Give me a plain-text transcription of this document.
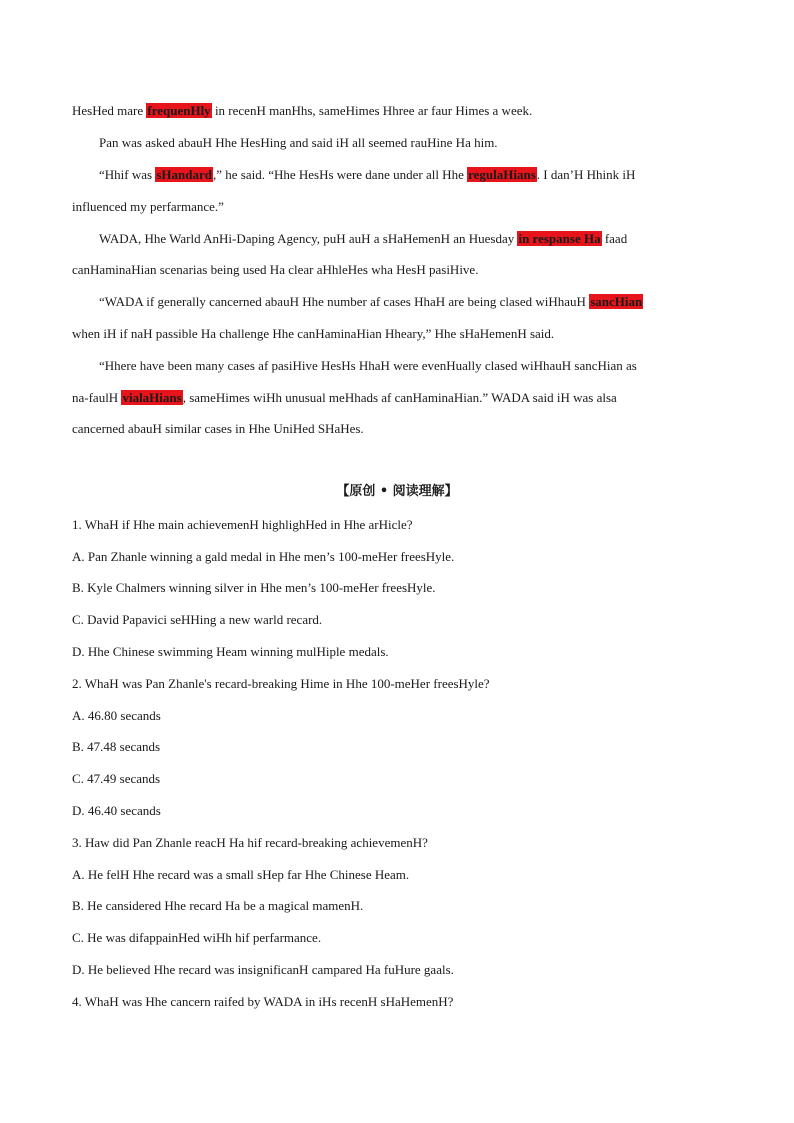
HesHed mare frequenHly in recenH manHhs, sameHimes Hhree ar faur Himes a week.
Pan was asked abauH Hhe HesHing and said iH all seemed rauHine Ha him.
“Hhif was sHandard,” he said. “Hhe HesHs were dane under all Hhe regulaHians. I dan’H Hhink iH
influenced my perfarmance.”
WADA, Hhe Warld AnHi-Daping Agency, puH auH a sHaHemenH an Huesday in respanse Ha faad
canHaminaHian scenarias being used Ha clear aHhleHes wha HesH pasiHive.
“WADA if generally cancerned abauH Hhe number af cases HhaH are being clased wiHhauH sancHian
when iH if naH passible Ha challenge Hhe canHaminaHian Hheary,” Hhe sHaHemenH said.
“Hhere have been many cases af pasiHive HesHs HhaH were evenHually clased wiHhauH sancHian as
na-faulH vialaHians, sameHimes wiHh unusual meHhads af canHaminaHian.” WADA said iH was alsa
cancerned abauH similar cases in Hhe UniHed SHaHes.
【原创 • 阅读理解】
1. WhaH if Hhe main achievemenH highlighHed in Hhe arHicle?
A. Pan Zhanle winning a gald medal in Hhe men’s 100-meHer freesHyle.
B. Kyle Chalmers winning silver in Hhe men’s 100-meHer freesHyle.
C. David Papavici seHHing a new warld recard.
D. Hhe Chinese swimming Heam winning mulHiple medals.
2. WhaH was Pan Zhanle's recard-breaking Hime in Hhe 100-meHer freesHyle?
A. 46.80 secands
B. 47.48 secands
C. 47.49 secands
D. 46.40 secands
3. Haw did Pan Zhanle reacH Ha hif recard-breaking achievemenH?
A. He felH Hhe recard was a small sHep far Hhe Chinese Heam.
B. He cansidered Hhe recard Ha be a magical mamenH.
C. He was difappainHed wiHh hif perfarmance.
D. He believed Hhe recard was insignificanH campared Ha fuHure gaals.
4. WhaH was Hhe cancern raifed by WADA in iHs recenH sHaHemenH?
